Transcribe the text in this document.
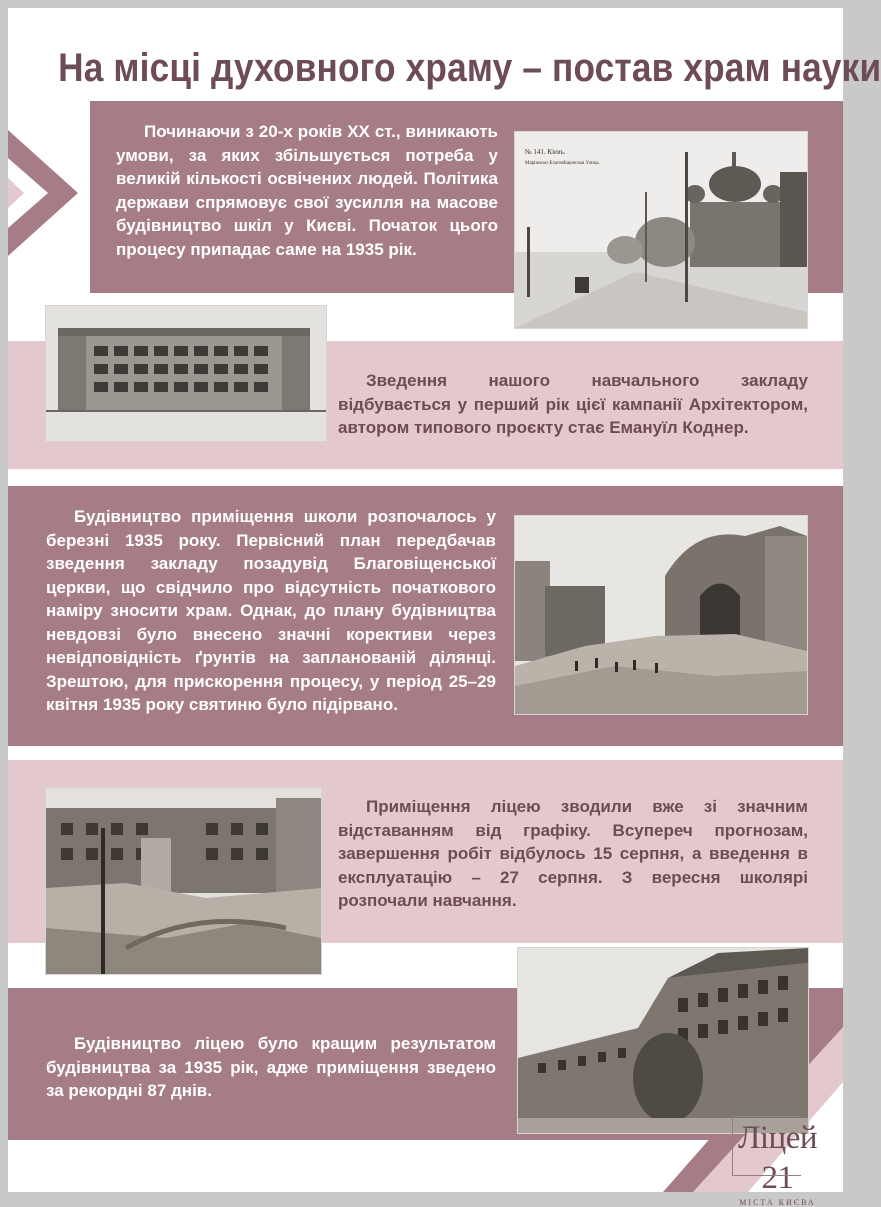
На місці духовного храму – постав храм науки

Починаючи з 20-х років XX ст., виникають умови, за яких збільшується потреба у великій кількості освічених людей. Політика держави спрямовує свої зусилля на масове будівництво шкіл у Києві. Початок цього процесу припадає саме на 1935 рік.

№ 141. Кіевъ.
Маріинско-Благовѣщенская Улица.

Зведення нашого навчального закладу відбувається у перший рік цієї кампанії Архітектором, автором типового проєкту стає Емануїл Коднер.

Будівництво приміщення школи розпочалось у березні 1935 року. Первісний план передбачав зведення закладу позадувід Благовіщенської церкви, що свідчило про відсутність початкового наміру зносити храм. Однак, до плану будівництва невдовзі було внесено значні корективи через невідповідність ґрунтів на запланованій ділянці. Зрештою, для прискорення процесу, у період 25–29 квітня 1935 року святиню було підірвано.

Приміщення ліцею зводили вже зі значним відставанням від графіку. Всупереч прогнозам, завершення робіт відбулось 15 серпня, а введення в експлуатацію – 27 серпня. З вересня школярі розпочали навчання.

Будівництво ліцею було кращим результатом будівництва за 1935 рік, адже приміщення зведено за рекордні 87 днів.

Ліцей 21
МІСТА КИЄВА
